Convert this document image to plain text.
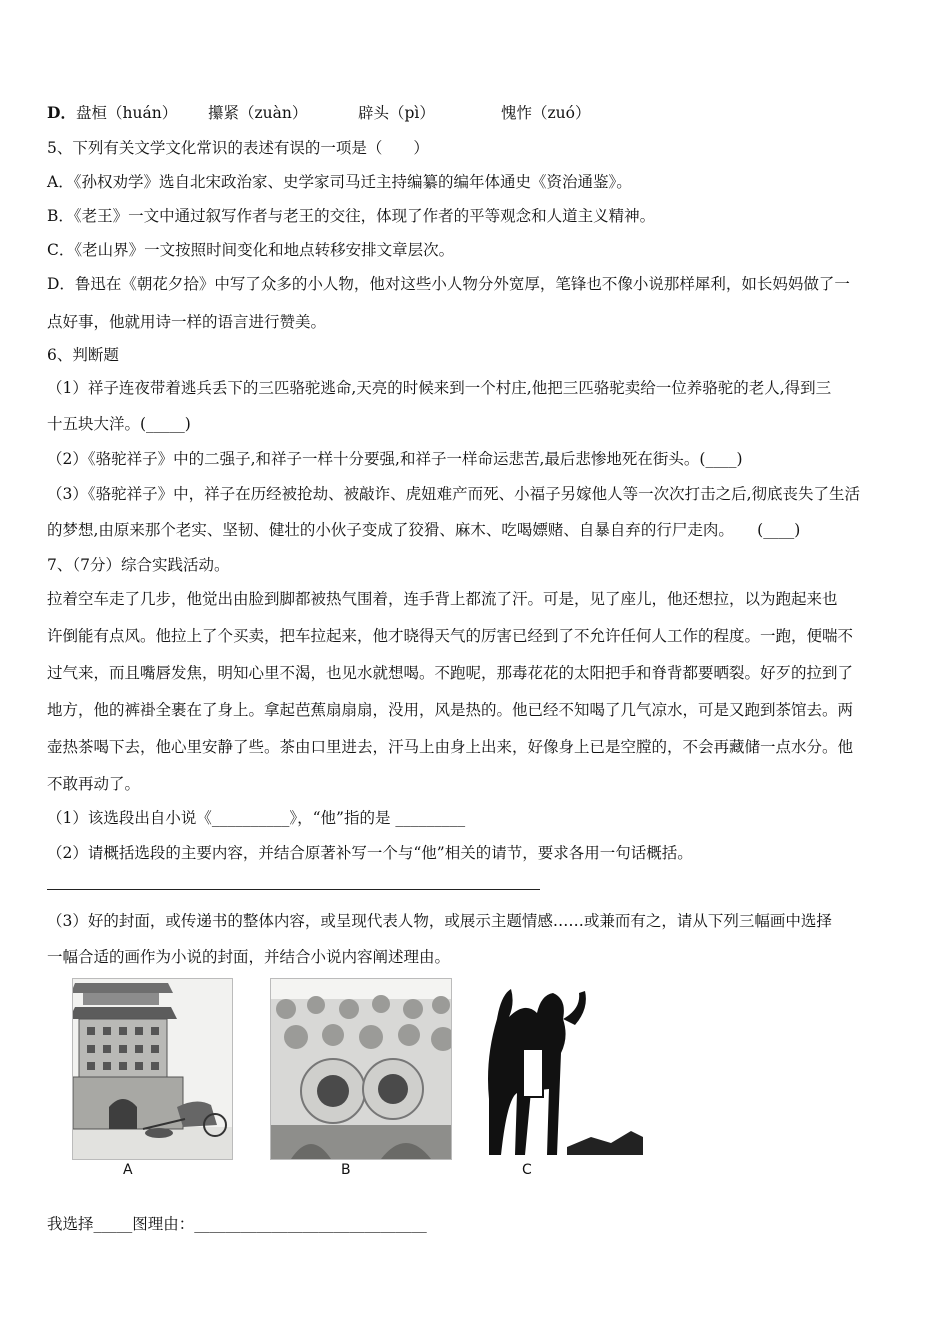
D． 盘桓（huán） 攥紧（zuàn）	辟头（pì）	愧怍（zuó）
5、下列有关文学文化常识的表述有误的一项是（　　）
A．《孙权劝学》选自北宋政治家、史学家司马迁主持编纂的编年体通史《资治通鉴》。
B．《老王》一文中通过叙写作者与老王的交往，体现了作者的平等观念和人道主义精神。
C．《老山界》一文按照时间变化和地点转移安排文章层次。
D．鲁迅在《朝花夕拾》中写了众多的小人物，他对这些小人物分外宽厚，笔锋也不像小说那样犀利，如长妈妈做了一
点好事，他就用诗一样的语言进行赞美。
6、判断题
（1）祥子连夜带着逃兵丢下的三匹骆驼逃命,天亮的时候来到一个村庄,他把三匹骆驼卖给一位养骆驼的老人,得到三
十五块大洋。(_____)
（2）《骆驼祥子》中的二强子,和祥子一样十分要强,和祥子一样命运悲苦,最后悲惨地死在街头。(____)
（3）《骆驼祥子》中，祥子在历经被抢劫、被敲诈、虎妞难产而死、小福子另嫁他人等一次次打击之后,彻底丧失了生活
的梦想,由原来那个老实、坚韧、健壮的小伙子变成了狡猾、麻木、吃喝嫖赌、自暴自弃的行尸走肉。　　(____)
7、（7分）综合实践活动。
拉着空车走了几步，他觉出由脸到脚都被热气围着，连手背上都流了汗。可是，见了座儿，他还想拉，以为跑起来也
许倒能有点风。他拉上了个买卖，把车拉起来，他才晓得天气的厉害已经到了不允许任何人工作的程度。一跑，便喘不
过气来，而且嘴唇发焦，明知心里不渴，也见水就想喝。不跑呢，那毒花花的太阳把手和脊背都要晒裂。好歹的拉到了
地方，他的裤褂全裹在了身上。拿起芭蕉扇扇扇，没用，风是热的。他已经不知喝了几气凉水，可是又跑到茶馆去。两
壶热茶喝下去，他心里安静了些。茶由口里进去，汗马上由身上出来，好像身上已是空膛的，不会再藏储一点水分。他
不敢再动了。
（1）该选段出自小说《__________》，“他”指的是 _________
（2）请概括选段的主要内容，并结合原著补写一个与“他”相关的请节，要求各用一句话概括。
（3）好的封面，或传递书的整体内容，或呈现代表人物，或展示主题情感……或兼而有之，请从下列三幅画中选择
一幅合适的画作为小说的封面，并结合小说内容阐述理由。
A	B	C
我选择_____图理由：______________________________
